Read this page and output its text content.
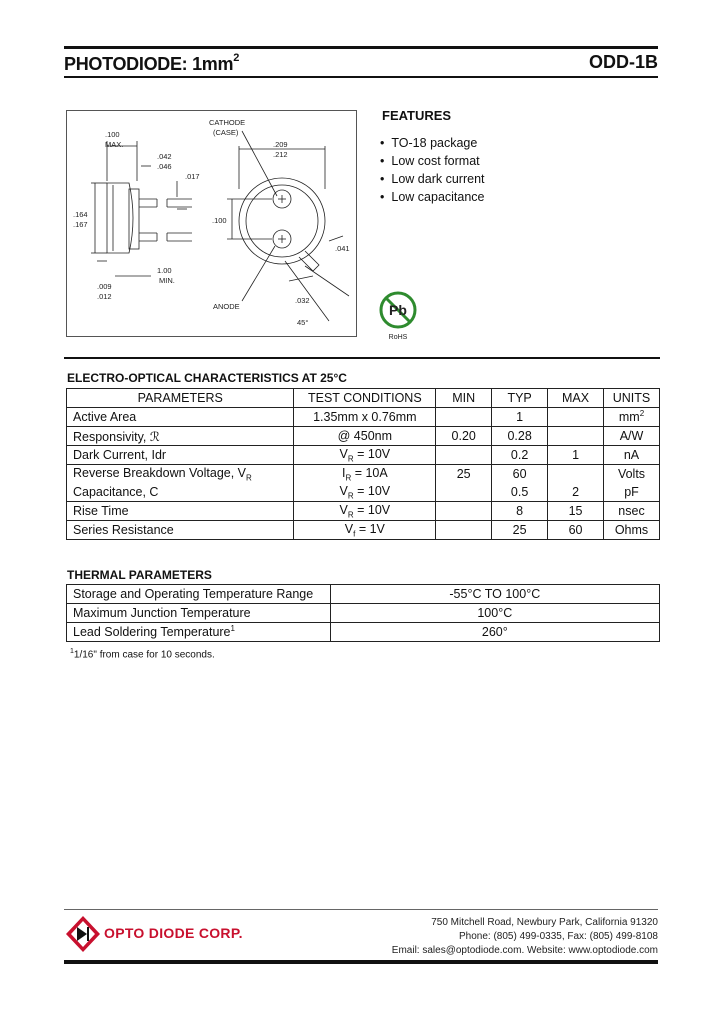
PHOTODIODE: $1mm^2$	ODD-1B
.100
MAX.
.042
.046
.017
.164
.167
.009
.012
1.00
MIN.
CATHODE
(CASE)
.209
.212
.100
.041
.032
45°
ANODE	Pb
RoHS
FEATURES
• TO-18 package
• Low cost format
• Low dark current
• Low capacitance
ELECTRO-OPTICAL CHARACTERISTICS AT 25°C
PARAMETERS	TEST CONDITIONS	MIN	TYP	MAX	UNITS
Active Area	1.35mm x 0.76mm		1		$mm^2$
Responsivity, ℛ	@ 450nm	0.20	0.28		A/W
Dark Current, Idr	$V_R = 10V$		0.2	1	nA
Reverse Breakdown Voltage, $V_R$	$I_R = 10A$	25	60		Volts
Capacitance, C	$V_R = 10V$		0.5	2	pF
Rise Time	$V_R = 10V$		8	15	nsec
Series Resistance	$V_f = 1V$		25	60	Ohms
THERMAL PARAMETERS
Storage and Operating Temperature Range	-55°C TO 100°C
Maximum Junction Temperature	100°C
Lead Soldering Temperature$^1$	260°
$^1$1/16" from case for 10 seconds.
OPTO DIODE CORP.
750 Mitchell Road, Newbury Park, California 91320
Phone: (805) 499-0335, Fax: (805) 499-8108
Email: sales@optodiode.com. Website: www.optodiode.com
